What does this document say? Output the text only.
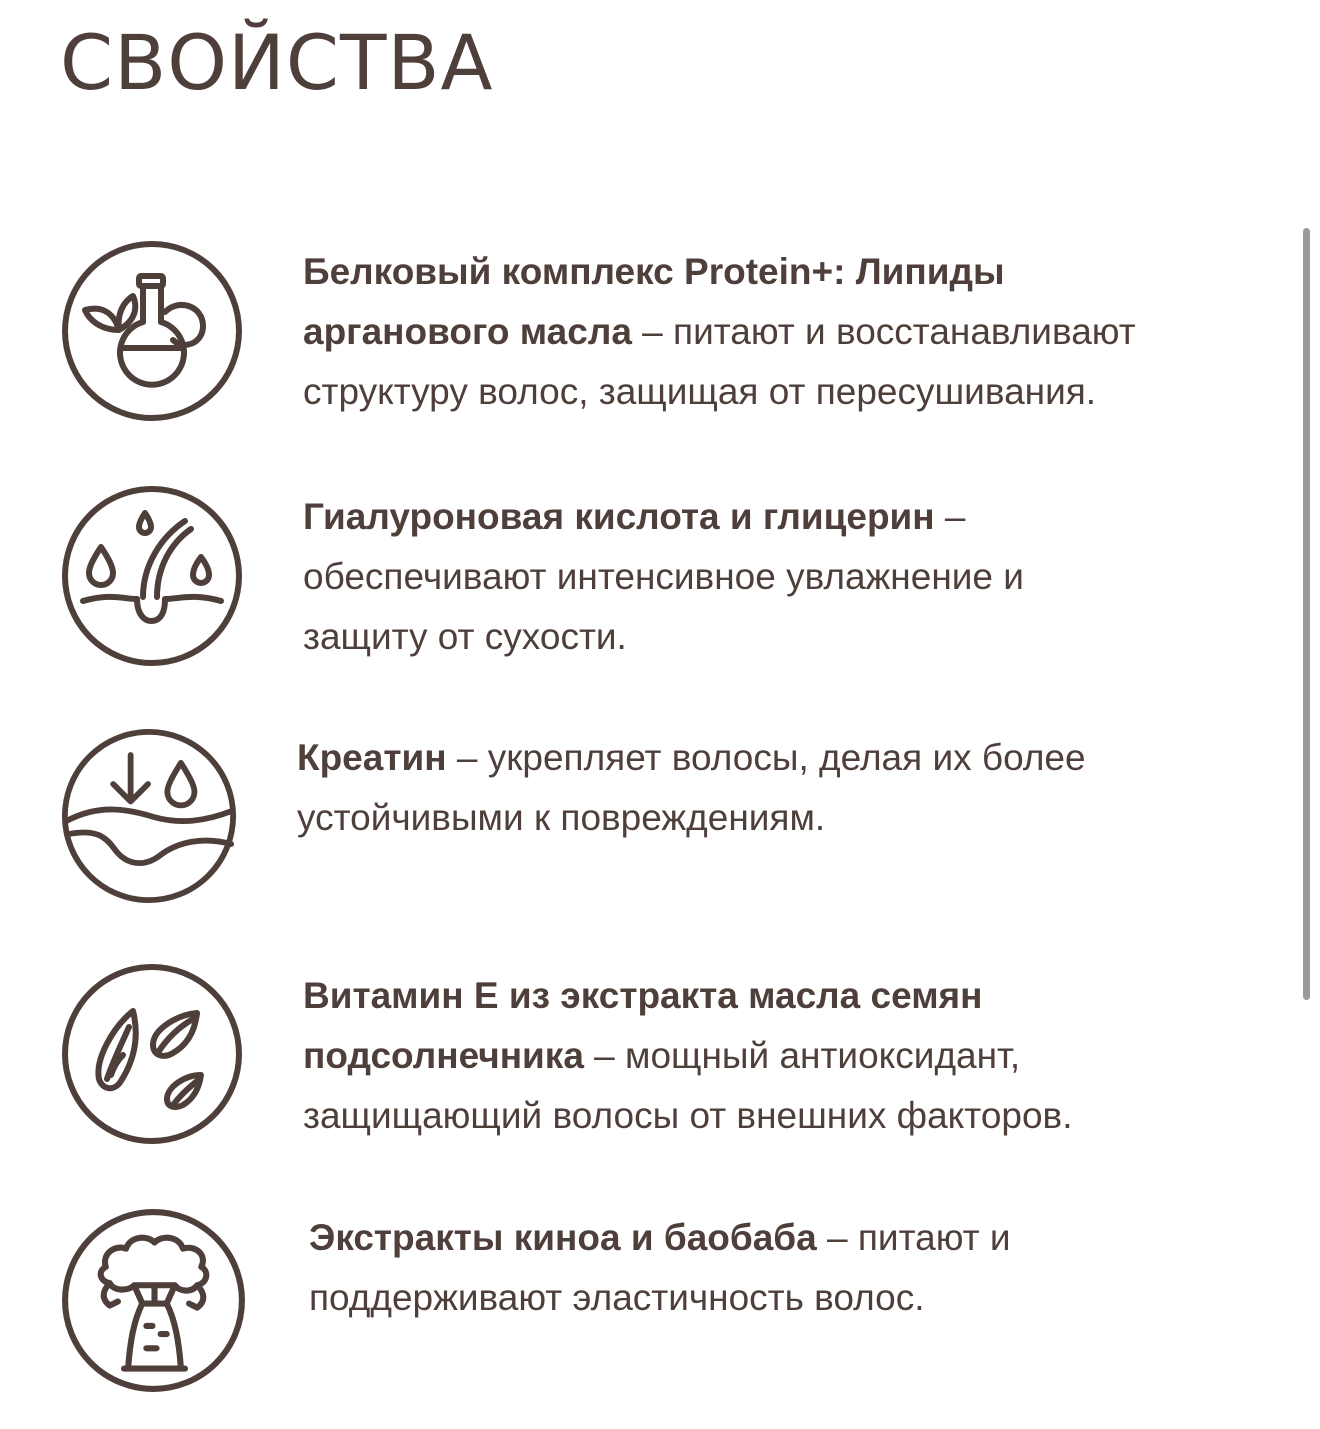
СВОЙСТВА
Белковый комплекс Protein+: Липиды
арганового масла – питают и восстанавливают
структуру волос, защищая от пересушивания.
Гиалуроновая кислота и глицерин –
обеспечивают интенсивное увлажнение и
защиту от сухости.
Креатин – укрепляет волосы, делая их более
устойчивыми к повреждениям.
Витамин Е из экстракта масла семян
подсолнечника – мощный антиоксидант,
защищающий волосы от внешних факторов.
Экстракты киноа и баобаба – питают и
поддерживают эластичность волос.
